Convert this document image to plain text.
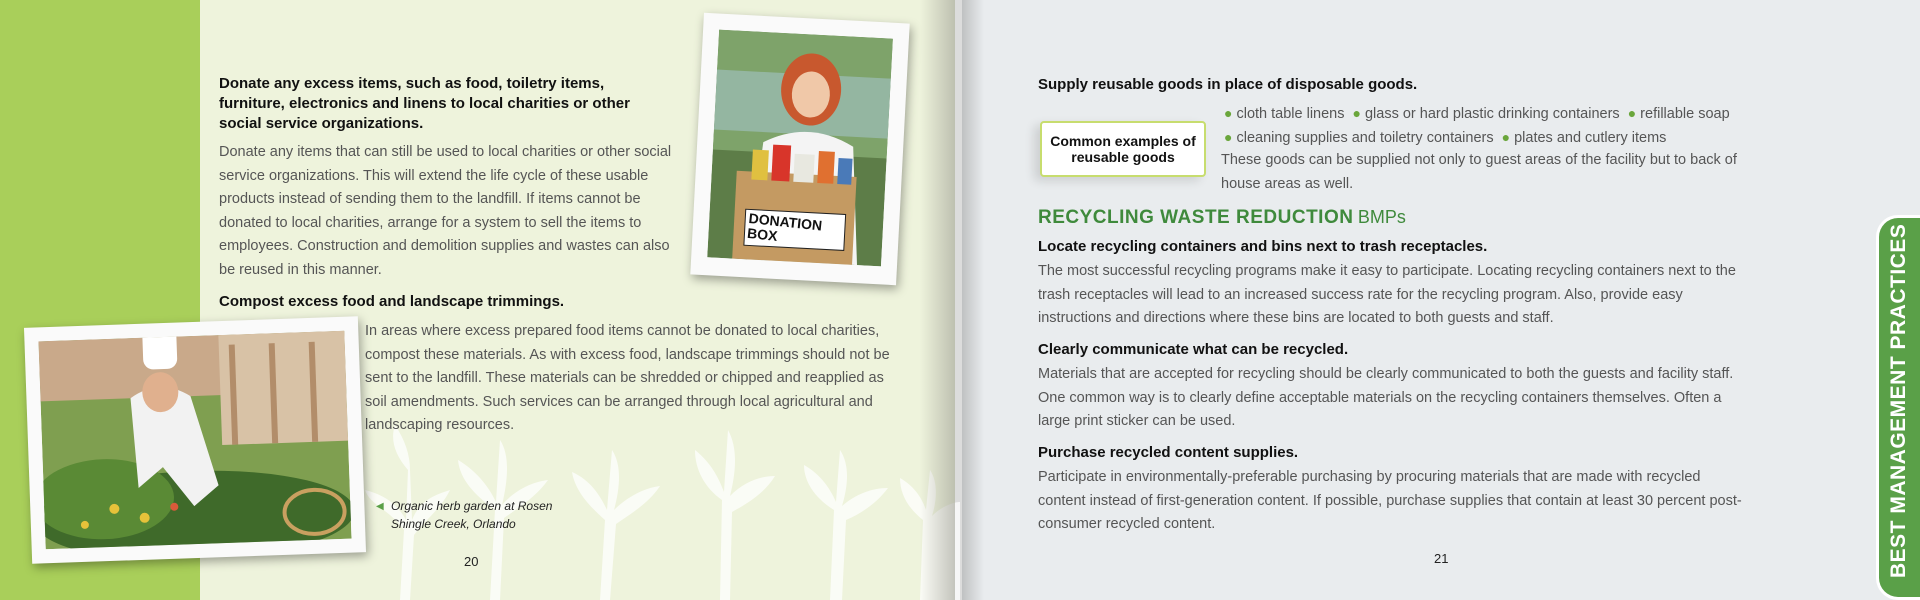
Donate any excess items, such as food, toiletry items, furniture, electronics and linens to local charities or other social service organizations.
Donate any items that can still be used to local charities or other social service organizations. This will extend the life cycle of these usable products instead of sending them to the landfill. If items cannot be donated to local charities, arrange for a system to sell the items to employees. Construction and demolition supplies and wastes can also be reused in this manner.
Compost excess food and landscape trimmings.
In areas where excess prepared food items cannot be donated to local charities, compost these materials. As with excess food, landscape trimmings should not be sent to the landfill. These materials can be shredded or chipped and reapplied as soil amendments. Such services can be arranged through local agricultural and landscaping resources.
DONATION BOX
◀ Organic herb garden at Rosen Shingle Creek, Orlando
20
Supply reusable goods in place of disposable goods.
Common examples of reusable goods
● cloth table linens ● glass or hard plastic drinking containers ● refillable soap
● cleaning supplies and toiletry containers ● plates and cutlery items
These goods can be supplied not only to guest areas of the facility but to back of house areas as well.
RECYCLING WASTE REDUCTION BMPs
Locate recycling containers and bins next to trash receptacles.
The most successful recycling programs make it easy to participate. Locating recycling containers next to the trash receptacles will lead to an increased success rate for the recycling program. Also, provide easy instructions and directions where these bins are located to both guests and staff.
Clearly communicate what can be recycled.
Materials that are accepted for recycling should be clearly communicated to both the guests and facility staff. One common way is to clearly define acceptable materials on the recycling containers themselves. Often a large print sticker can be used.
Purchase recycled content supplies.
Participate in environmentally-preferable purchasing by procuring materials that are made with recycled content instead of first-generation content. If possible, purchase supplies that contain at least 30 percent post-consumer recycled content.
21	BEST MANAGEMENT PRACTICES
